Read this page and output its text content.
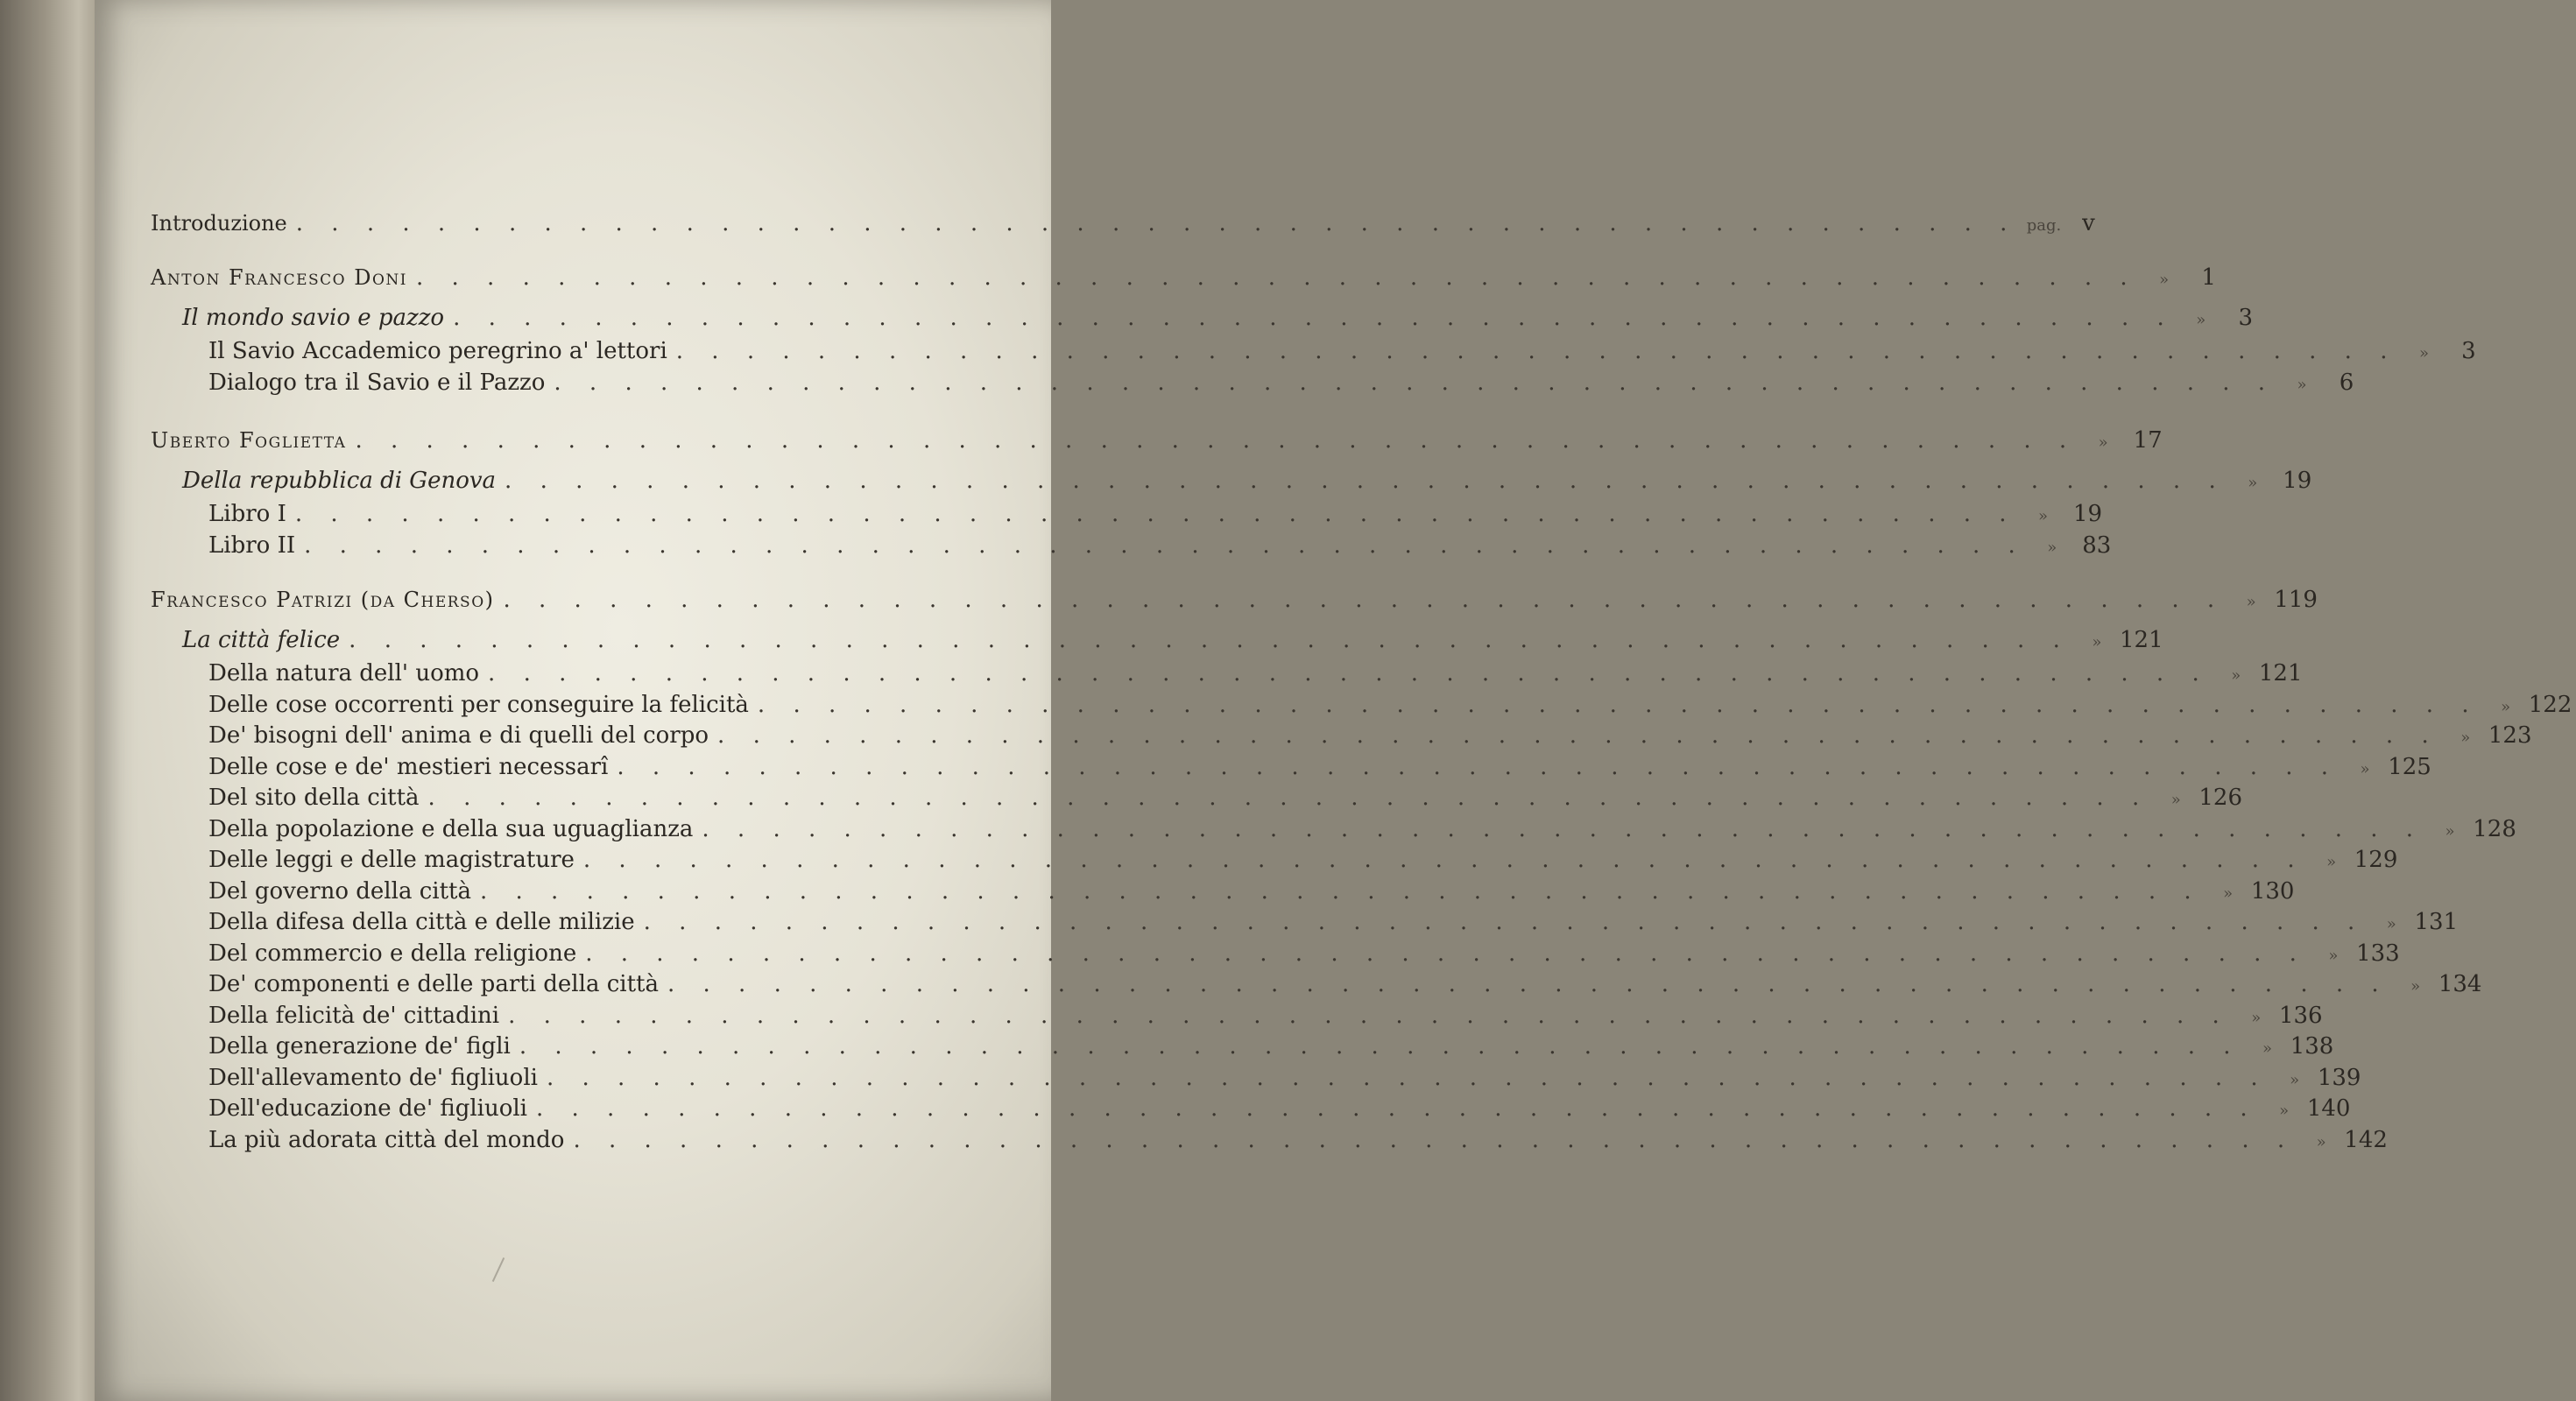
Introduzione . . . . . . . . . . . . . . . . . . . . . . . . . . . . . . . . . . . . . . . . . . . . . . . . . pag. v
Anton Francesco Doni . . . . . . . . . . . . . . . . . . . . . . . . . . . . . . . . . . . . . . . . . . . . . . . . .	»	1
Il mondo savio e pazzo . . . . . . . . . . . . . . . . . . . . . . . . . . . . . . . . . . . . . . . . . . . . . . . . .	»	3
Il Savio Accademico peregrino a' lettori . . . . . . . . . . . . . . . . . . . . . . . . . . . . . . . . . . . . . . . . . . . . . . . . .	»	3
Dialogo tra il Savio e il Pazzo . . . . . . . . . . . . . . . . . . . . . . . . . . . . . . . . . . . . . . . . . . . . . . . . .	»	6
Uberto Foglietta . . . . . . . . . . . . . . . . . . . . . . . . . . . . . . . . . . . . . . . . . . . . . . . . .	»	17
Della repubblica di Genova . . . . . . . . . . . . . . . . . . . . . . . . . . . . . . . . . . . . . . . . . . . . . . . . .	»	19
Libro I . . . . . . . . . . . . . . . . . . . . . . . . . . . . . . . . . . . . . . . . . . . . . . . . .	»	19
Libro II . . . . . . . . . . . . . . . . . . . . . . . . . . . . . . . . . . . . . . . . . . . . . . . . .	»	83
Francesco Patrizi (da Cherso) . . . . . . . . . . . . . . . . . . . . . . . . . . . . . . . . . . . . . . . . . . . . . . . . .	» 119
La città felice . . . . . . . . . . . . . . . . . . . . . . . . . . . . . . . . . . . . . . . . . . . . . . . . .	» 121
Della natura dell' uomo . . . . . . . . . . . . . . . . . . . . . . . . . . . . . . . . . . . . . . . . . . . . . . . . .	» 121
Delle cose occorrenti per conseguire la felicità . . . . . . . . . . . . . . . . . . . . . . . . . . . . . . . . . . . . . . . . . . . . . . . . .	» 122
De' bisogni dell' anima e di quelli del corpo . . . . . . . . . . . . . . . . . . . . . . . . . . . . . . . . . . . . . . . . . . . . . . . . .	» 123
Delle cose e de' mestieri necessarî . . . . . . . . . . . . . . . . . . . . . . . . . . . . . . . . . . . . . . . . . . . . . . . . .	» 125
Del sito della città . . . . . . . . . . . . . . . . . . . . . . . . . . . . . . . . . . . . . . . . . . . . . . . . .	» 126
Della popolazione e della sua uguaglianza . . . . . . . . . . . . . . . . . . . . . . . . . . . . . . . . . . . . . . . . . . . . . . . . .	» 128
Delle leggi e delle magistrature . . . . . . . . . . . . . . . . . . . . . . . . . . . . . . . . . . . . . . . . . . . . . . . . .	» 129
Del governo della città . . . . . . . . . . . . . . . . . . . . . . . . . . . . . . . . . . . . . . . . . . . . . . . . .	» 130
Della difesa della città e delle milizie . . . . . . . . . . . . . . . . . . . . . . . . . . . . . . . . . . . . . . . . . . . . . . . . .	» 131
Del commercio e della religione . . . . . . . . . . . . . . . . . . . . . . . . . . . . . . . . . . . . . . . . . . . . . . . . .	» 133
De' componenti e delle parti della città . . . . . . . . . . . . . . . . . . . . . . . . . . . . . . . . . . . . . . . . . . . . . . . . .	» 134
Della felicità de' cittadini . . . . . . . . . . . . . . . . . . . . . . . . . . . . . . . . . . . . . . . . . . . . . . . . .	» 136
Della generazione de' figli . . . . . . . . . . . . . . . . . . . . . . . . . . . . . . . . . . . . . . . . . . . . . . . . .	» 138
Dell'allevamento de' figliuoli . . . . . . . . . . . . . . . . . . . . . . . . . . . . . . . . . . . . . . . . . . . . . . . . .	» 139
Dell'educazione de' figliuoli . . . . . . . . . . . . . . . . . . . . . . . . . . . . . . . . . . . . . . . . . . . . . . . . .	» 140
La più adorata città del mondo . . . . . . . . . . . . . . . . . . . . . . . . . . . . . . . . . . . . . . . . . . . . . . . . .	» 142
